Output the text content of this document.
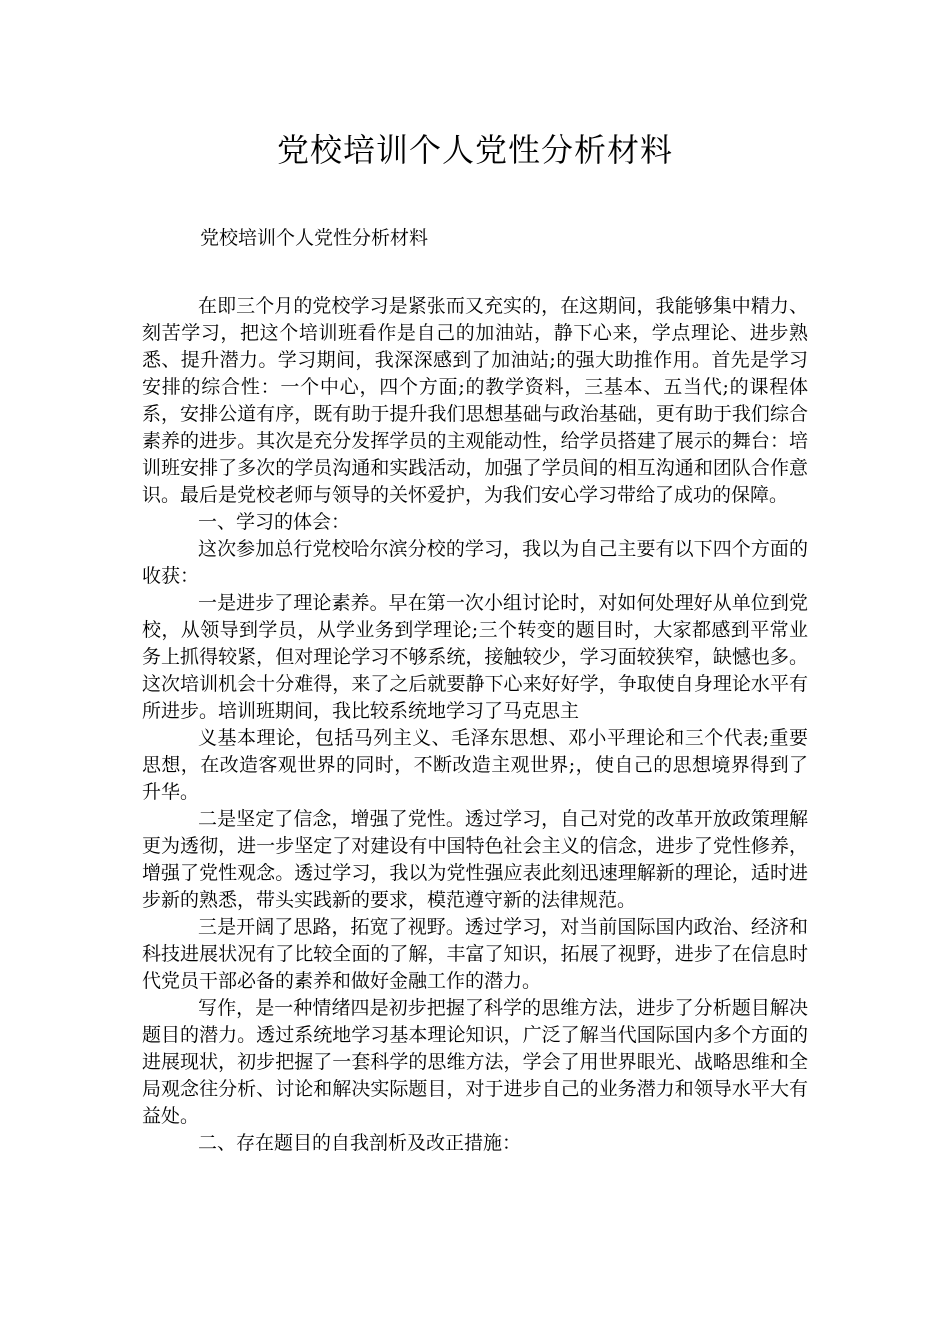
党校培训个人党性分析材料
党校培训个人党性分析材料

在即三个月的党校学习是紧张而又充实的，在这期间，我能够集中精力、刻苦学习，把这个培训班看作是自己的加油站，静下心来，学点理论、进步熟悉、提升潜力。学习期间，我深深感到了加油站;的强大助推作用。首先是学习安排的综合性：一个中心，四个方面;的教学资料，三基本、五当代;的课程体系，安排公道有序，既有助于提升我们思想基础与政治基础，更有助于我们综合素养的进步。其次是充分发挥学员的主观能动性，给学员搭建了展示的舞台：培训班安排了多次的学员沟通和实践活动，加强了学员间的相互沟通和团队合作意识。最后是党校老师与领导的关怀爱护，为我们安心学习带给了成功的保障。

一、学习的体会：

这次参加总行党校哈尔滨分校的学习，我以为自己主要有以下四个方面的收获：

一是进步了理论素养。早在第一次小组讨论时，对如何处理好从单位到党校，从领导到学员，从学业务到学理论;三个转变的题目时，大家都感到平常业务上抓得较紧，但对理论学习不够系统，接触较少，学习面较狭窄，缺憾也多。这次培训机会十分难得，来了之后就要静下心来好好学，争取使自身理论水平有所进步。培训班期间，我比较系统地学习了马克思主

义基本理论，包括马列主义、毛泽东思想、邓小平理论和三个代表;重要思想，在改造客观世界的同时，不断改造主观世界;，使自己的思想境界得到了升华。

二是坚定了信念，增强了党性。透过学习，自己对党的改革开放政策理解更为透彻，进一步坚定了对建设有中国特色社会主义的信念，进步了党性修养，增强了党性观念。透过学习，我以为党性强应表此刻迅速理解新的理论，适时进步新的熟悉，带头实践新的要求，模范遵守新的法律规范。

三是开阔了思路，拓宽了视野。透过学习，对当前国际国内政治、经济和科技进展状况有了比较全面的了解，丰富了知识，拓展了视野，进步了在信息时代党员干部必备的素养和做好金融工作的潜力。

写作，是一种情绪四是初步把握了科学的思维方法，进步了分析题目解决题目的潜力。透过系统地学习基本理论知识，广泛了解当代国际国内多个方面的进展现状，初步把握了一套科学的思维方法，学会了用世界眼光、战略思维和全局观念往分析、讨论和解决实际题目，对于进步自己的业务潜力和领导水平大有益处。

二、存在题目的自我剖析及改正措施：
